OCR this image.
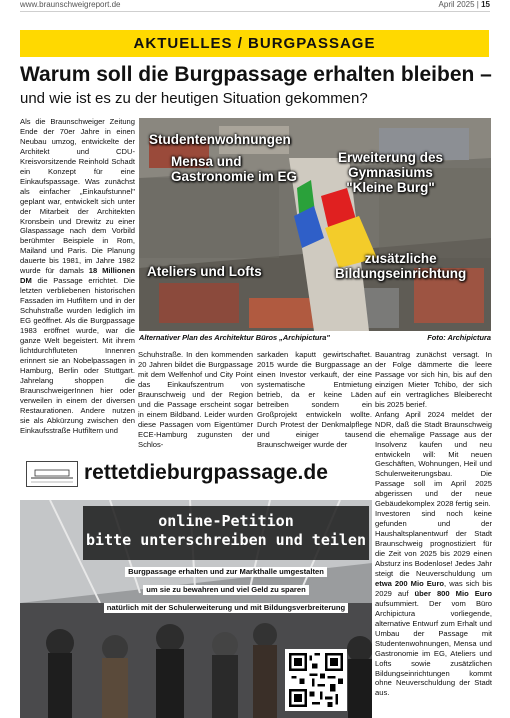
www.braunschweigreport.de	April 2025 | 15
AKTUELLES / BURGPASSAGE
Warum soll die Burgpassage erhalten bleiben –
und wie ist es zu der heutigen Situation gekommen?
Als die Braunschweiger Zeitung Ende der 70er Jahre in einen Neubau umzog, entwickelte der Architekt und CDU-Kreisvorsitzende Reinhold Schadt ein Konzept für eine Einkaufspassage. Was zunächst als einfacher „Einkaufstunnel" geplant war, entwickelt sich unter der Mitarbeit der Architekten Kronsbein und Drewitz zu einer Glaspassage nach dem Vorbild berühmter Beispiele in Rom, Mailand und Paris. Die Planung dauerte bis 1981, im Jahre 1982 wurde für damals 18 Millionen DM die Passage errichtet. Die letzten verbliebenen historischen Fassaden im Hutfiltern und in der Schuhstraße wurden lediglich im EG geöffnet. Als die Burgpassage 1983 eröffnet wurde, war die ganze Welt begeistert. Mit ihrem lichtdurchfluteten Innenren erinnert sie an Nobelpassagen in Hamburg, Berlin oder Stuttgart. Jahrelang shoppen die BraunschweigerInnen hier oder verweilen in einem der diversen Restaurationen. Andere nutzen sie als Abkürzung zwischen den Einkaufsstraße Hutfiltern und
Studentenwohnungen
Mensa und
Gastronomie im EG
Erweiterung des
Gymnasiums
"Kleine Burg"
Ateliers und Lofts
zusätzliche
Bildungseinrichtung
Alternativer Plan des Architektur Büros „Archipictura"	Foto: Archipictura
Schuhstraße. In den kommenden 20 Jahren bildet die Burgpassage mit dem Welfenhof und City Point das Einkaufszentrum von Braunschweig und der Region und die Passage erscheint sogar in einem Bildband. Leider wurden diese Passagen vom Eigentümer ECE-Hamburg zugunsten der Schlos-
sarkaden kaputt gewirtschaftet. 2015 wurde die Burgpassage an einen Investor verkauft, der eine systematische Entmietung betrieb, da er keine Läden betreiben sondern ein Großprojekt entwickeln wollte. Durch Protest der Denkmalpflege und einiger tausend Braunschweiger wurde der
Bauantrag zunächst versagt. In der Folge dämmerte die leere Passage vor sich hin, bis auf den einzigen Mieter Tchibo, der sich auf ein vertragliches Bleiberecht bis 2025 berief.
Anfang April 2024 meldet der NDR, daß die Stadt Braunschweig die ehemalige Passage aus der Insolvenz kaufen und neu entwickeln will: Mit neuen Geschäften, Wohnungen, Heil und Schulerweiterungsbau. Die Passage soll im April 2025 abgerissen und der neue Gebäudekomplex 2028 fertig sein.
Investoren sind noch keine gefunden und der Haushaltsplanentwurf der Stadt Braunschweig prognostiziert für die Zeit von 2025 bis 2029 einen Absturz ins Bodenlose! Jedes Jahr steigt die Neuverschuldung um etwa 200 Mio Euro, was sich bis 2029 auf über 800 Mio Euro aufsummiert. Der vom Büro Archipictura vorliegende, alternative Entwurf zum Erhalt und Umbau der Passage mit Studentenwohnungen, Mensa und Gastronomie im EG, Ateliers und Lofts sowie zusätzlichen Bildungseinrichtungen kommt ohne Neuverschuldung der Stadt aus.
rettetdieburgpassage.de
online-Petition
bitte unterschreiben und teilen
Burgpassage erhalten und zur Markthalle umgestalten
um sie zu bewahren und viel Geld zu sparen
natürlich mit der Schulerweiterung und mit Bildungsverbreiterung
